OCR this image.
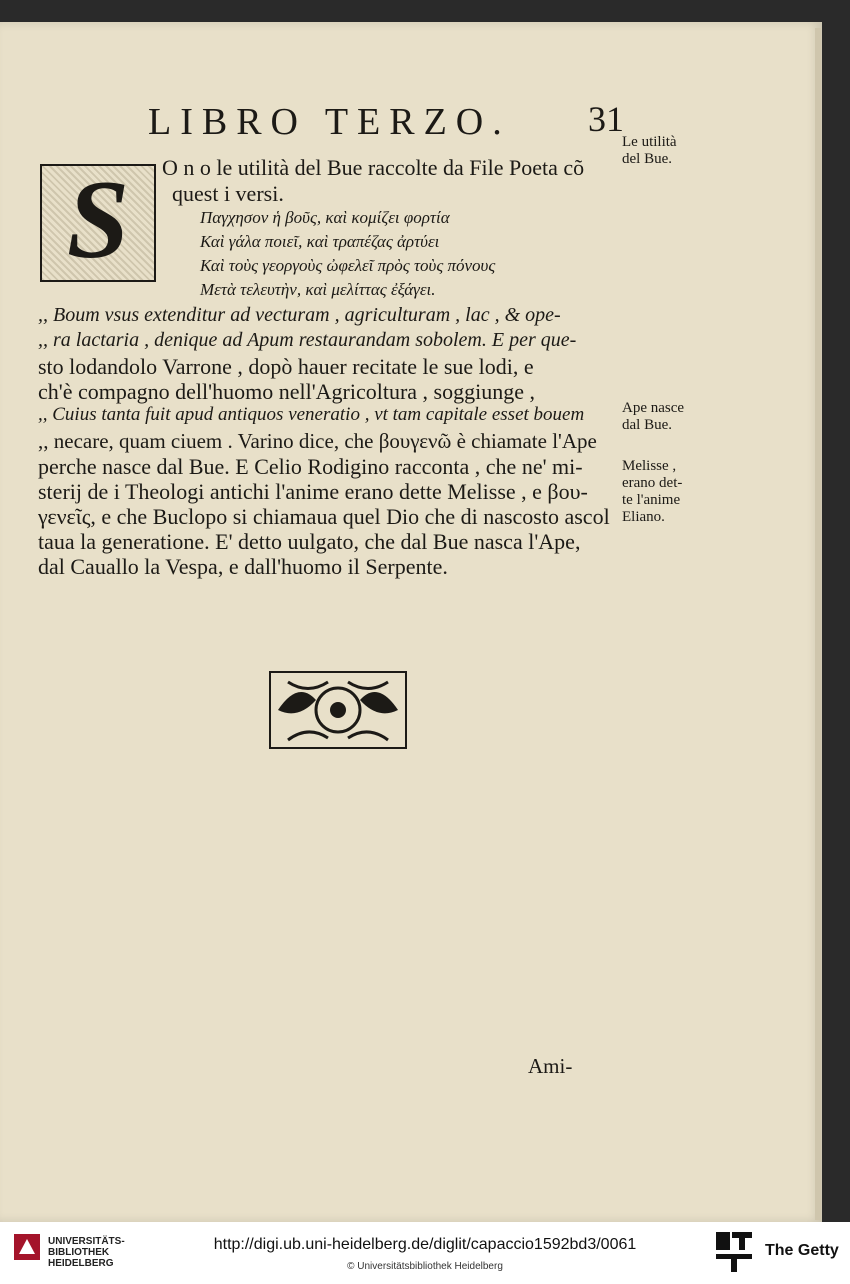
LIBRO TERZO. 31
S O n o le utilità del Bue raccolte da File Poeta cõ
quest i versi.
Παγχησον ἡ βοῦς, καὶ κομίζει φορτία
Καὶ γάλα ποιεῖ, καὶ τραπέζας ἀρτύει
Καὶ τοὺς γεοργοὺς ὠφελεῖ πρὸς τοὺς πόνους
Μετὰ τελευτὴν, καὶ μελίττας ἐξάγει.
,, Boum vsus extenditur ad vecturam , agriculturam , lac , & ope-
,, ra lactaria , denique ad Apum restaurandam sobolem. E per que-
sto lodandolo Varrone , dopò hauer recitate le sue lodi, e
ch'è compagno dell'huomo nell'Agricoltura , soggiunge ,
,, Cuius tanta fuit apud antiquos veneratio , vt tam capitale esset bouem
,, necare, quam ciuem . Varino dice, che βουγενῶ è chiamate l'Ape
perche nasce dal Bue. E Celio Rodigino racconta , che ne' mi-
sterij de i Theologi antichi l'anime erano dette Melisse , e βου-
γενεῖς, e che Buclopo si chiamaua quel Dio che di nascosto ascol
taua la generatione. E' detto uulgato, che dal Bue nasca l'Ape,
dal Cauallo la Vespa, e dall'huomo il Serpente.
Le utilità
del Bue.
Ape nasce
dal Bue.
Melisse ,
erano det-
te l'anime
Eliano.
Ami-
UNIVERSITÄTS-
BIBLIOTHEK
HEIDELBERG
http://digi.ub.uni-heidelberg.de/diglit/capaccio1592bd3/0061
© Universitätsbibliothek Heidelberg
The Getty
